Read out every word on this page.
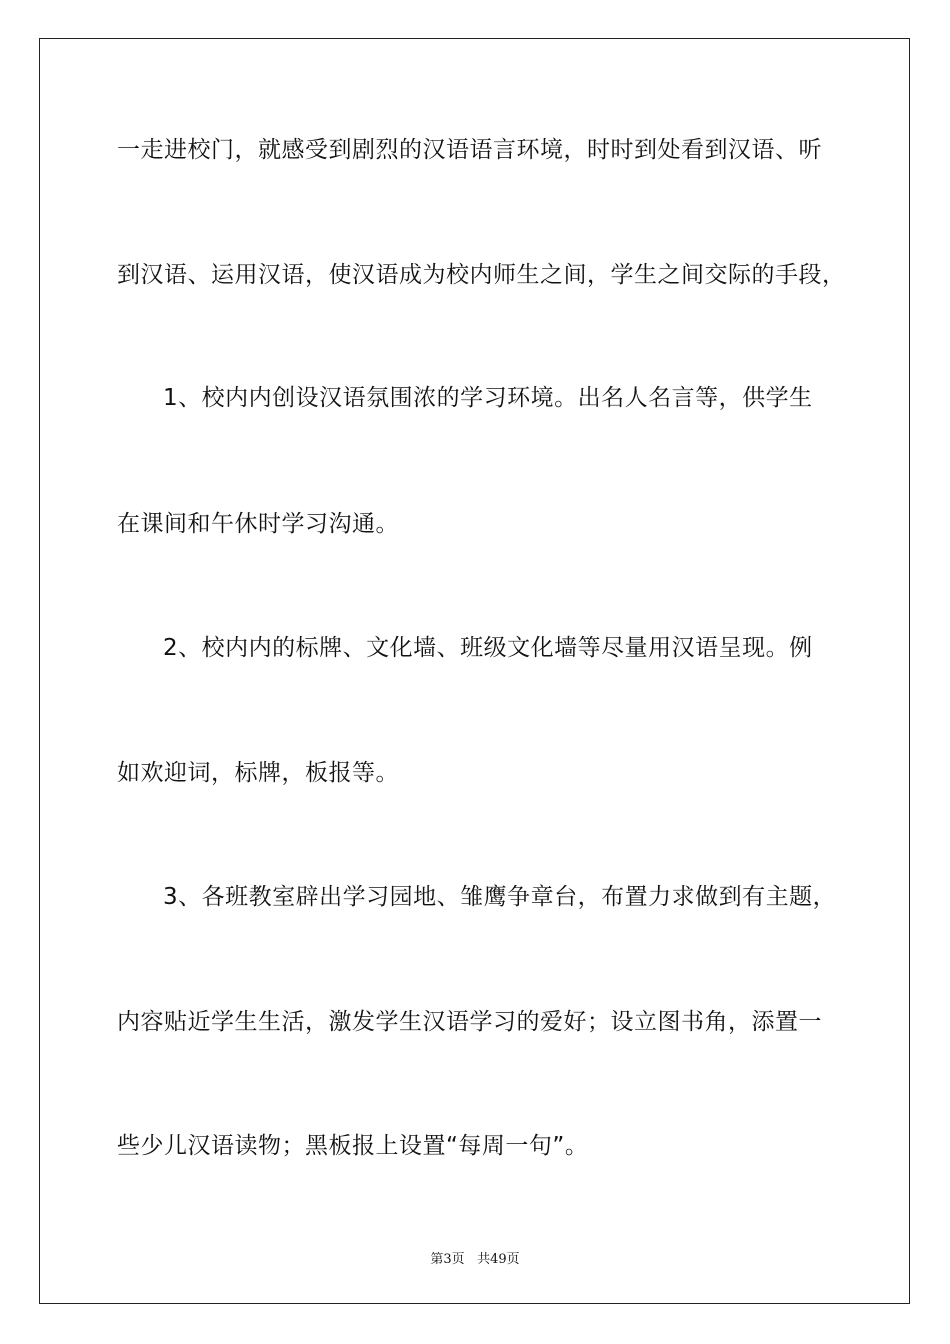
一走进校门，就感受到剧烈的汉语语言环境，时时到处看到汉语、听
到汉语、运用汉语，使汉语成为校内师生之间，学生之间交际的手段，
1、校内内创设汉语氛围浓的学习环境。出名人名言等，供学生
在课间和午休时学习沟通。
2、校内内的标牌、文化墙、班级文化墙等尽量用汉语呈现。例
如欢迎词，标牌，板报等。
3、各班教室辟出学习园地、雏鹰争章台，布置力求做到有主题，
内容贴近学生生活，激发学生汉语学习的爱好；设立图书角，添置一
些少儿汉语读物；黑板报上设置“每周一句”。
第3页 共49页
